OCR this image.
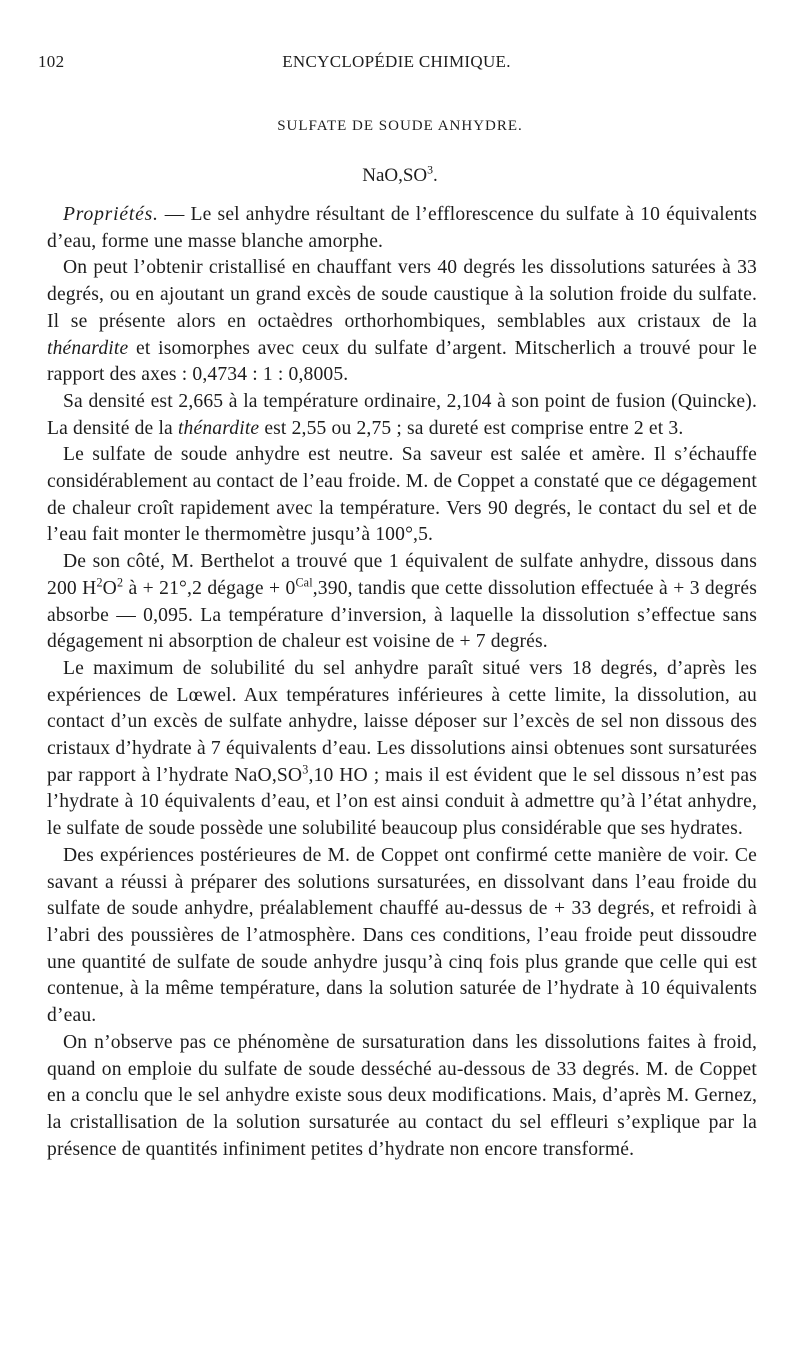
102	ENCYCLOPÉDIE CHIMIQUE.
SULFATE DE SOUDE ANHYDRE.
$NaO,SO^3$.

Propriétés. — Le sel anhydre résultant de l’efflorescence du sulfate à 10 équivalents d’eau, forme une masse blanche amorphe.

On peut l’obtenir cristallisé en chauffant vers 40 degrés les dissolutions saturées à 33 degrés, ou en ajoutant un grand excès de soude caustique à la solution froide du sulfate. Il se présente alors en octaèdres orthorhombiques, semblables aux cristaux de la thénardite et isomorphes avec ceux du sulfate d’argent. Mitscherlich a trouvé pour le rapport des axes : 0,4734 : 1 : 0,8005.

Sa densité est 2,665 à la température ordinaire, 2,104 à son point de fusion (Quincke). La densité de la thénardite est 2,55 ou 2,75 ; sa dureté est comprise entre 2 et 3.

Le sulfate de soude anhydre est neutre. Sa saveur est salée et amère. Il s’échauffe considérablement au contact de l’eau froide. M. de Coppet a constaté que ce dégagement de chaleur croît rapidement avec la température. Vers 90 degrés, le contact du sel et de l’eau fait monter le thermomètre jusqu’à 100°,5.

De son côté, M. Berthelot a trouvé que 1 équivalent de sulfate anhydre, dissous dans 200 $H^2O^2$ à + 21°,2 dégage + $0^{Cal},390$, tandis que cette dissolution effectuée à + 3 degrés absorbe — 0,095. La température d’inversion, à laquelle la dissolution s’effectue sans dégagement ni absorption de chaleur est voisine de + 7 degrés.

Le maximum de solubilité du sel anhydre paraît situé vers 18 degrés, d’après les expériences de Lœwel. Aux températures inférieures à cette limite, la dissolution, au contact d’un excès de sulfate anhydre, laisse déposer sur l’excès de sel non dissous des cristaux d’hydrate à 7 équivalents d’eau. Les dissolutions ainsi obtenues sont sursaturées par rapport à l’hydrate $NaO,SO^3,10$ HO ; mais il est évident que le sel dissous n’est pas l’hydrate à 10 équivalents d’eau, et l’on est ainsi conduit à admettre qu’à l’état anhydre, le sulfate de soude possède une solubilité beaucoup plus considérable que ses hydrates.

Des expériences postérieures de M. de Coppet ont confirmé cette manière de voir. Ce savant a réussi à préparer des solutions sursaturées, en dissolvant dans l’eau froide du sulfate de soude anhydre, préalablement chauffé au-dessus de + 33 degrés, et refroidi à l’abri des poussières de l’atmosphère. Dans ces conditions, l’eau froide peut dissoudre une quantité de sulfate de soude anhydre jusqu’à cinq fois plus grande que celle qui est contenue, à la même température, dans la solution saturée de l’hydrate à 10 équivalents d’eau.

On n’observe pas ce phénomène de sursaturation dans les dissolutions faites à froid, quand on emploie du sulfate de soude desséché au-dessous de 33 degrés. M. de Coppet en a conclu que le sel anhydre existe sous deux modifications. Mais, d’après M. Gernez, la cristallisation de la solution sursaturée au contact du sel effleuri s’explique par la présence de quantités infiniment petites d’hydrate non encore transformé.
